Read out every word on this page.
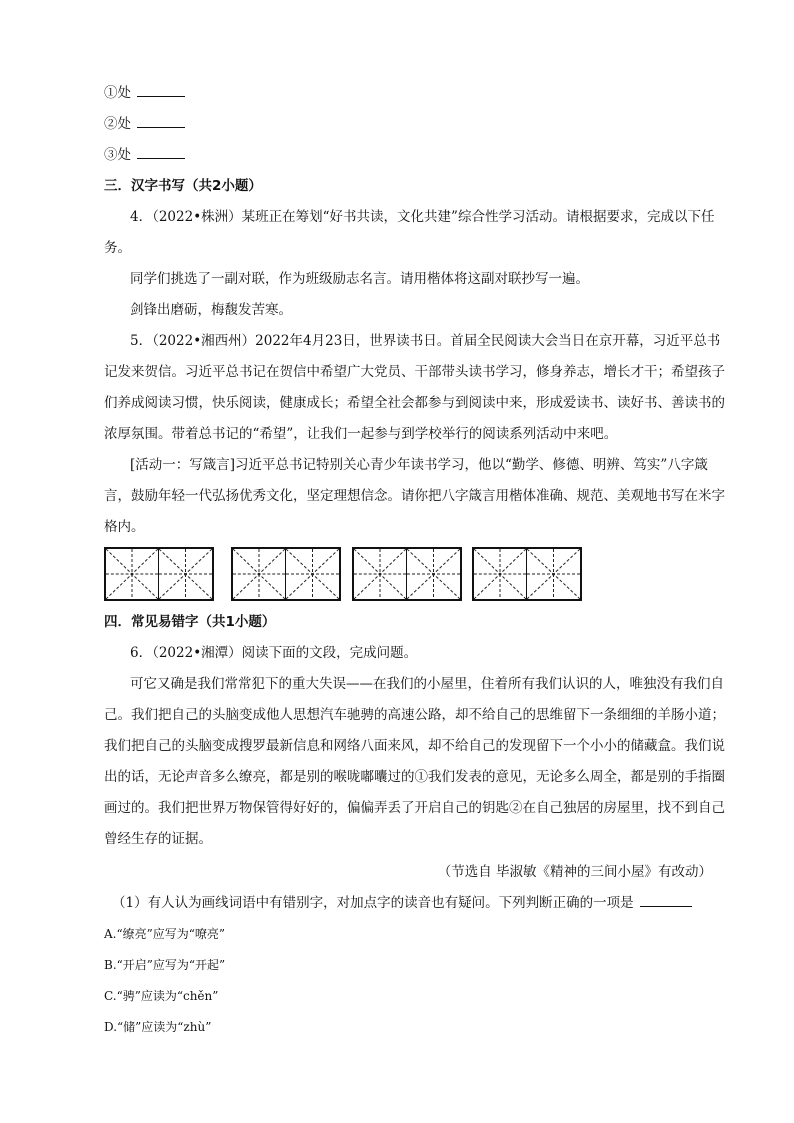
①处
②处
③处
三．汉字书写（共2小题）
4．（2022•株洲）某班正在筹划“好书共读，文化共建”综合性学习活动。请根据要求，完成以下任
务。
同学们挑选了一副对联，作为班级励志名言。请用楷体将这副对联抄写一遍。
剑锋出磨砺，梅馥发苦寒。
5．（2022•湘西州）2022年4月23日，世界读书日。首届全民阅读大会当日在京开幕，习近平总书
记发来贺信。习近平总书记在贺信中希望广大党员、干部带头读书学习，修身养志，增长才干；希望孩子
们养成阅读习惯，快乐阅读，健康成长；希望全社会都参与到阅读中来，形成爱读书、读好书、善读书的
浓厚氛围。带着总书记的“希望”，让我们一起参与到学校举行的阅读系列活动中来吧。
[活动一：写箴言]习近平总书记特别关心青少年读书学习，他以“勤学、修德、明辨、笃实”八字箴
言，鼓励年轻一代弘扬优秀文化，坚定理想信念。请你把八字箴言用楷体准确、规范、美观地书写在米字
格内。
四．常见易错字（共1小题）
6．（2022•湘潭）阅读下面的文段，完成问题。
可它又确是我们常常犯下的重大失误——在我们的小屋里，住着所有我们认识的人，唯独没有我们自
己。我们把自己的头脑变成他人思想汽车驰骋的高速公路，却不给自己的思维留下一条细细的羊肠小道；
我们把自己的头脑变成搜罗最新信息和网络八面来风，却不给自己的发现留下一个小小的储藏盒。我们说
出的话，无论声音多么缭亮，都是别的喉咙嘟囔过的①我们发表的意见，无论多么周全，都是别的手指圈
画过的。我们把世界万物保管得好好的，偏偏弄丢了开启自己的钥匙②在自己独居的房屋里，找不到自己
曾经生存的证据。
（节选自 毕淑敏《精神的三间小屋》有改动）
（1）有人认为画线词语中有错别字，对加点字的读音也有疑问。下列判断正确的一项是
A.“缭亮”应写为“嘹亮”
B.“开启”应写为“开起”
C.“骋”应读为“chěn”
D.“储”应读为“zhù”
